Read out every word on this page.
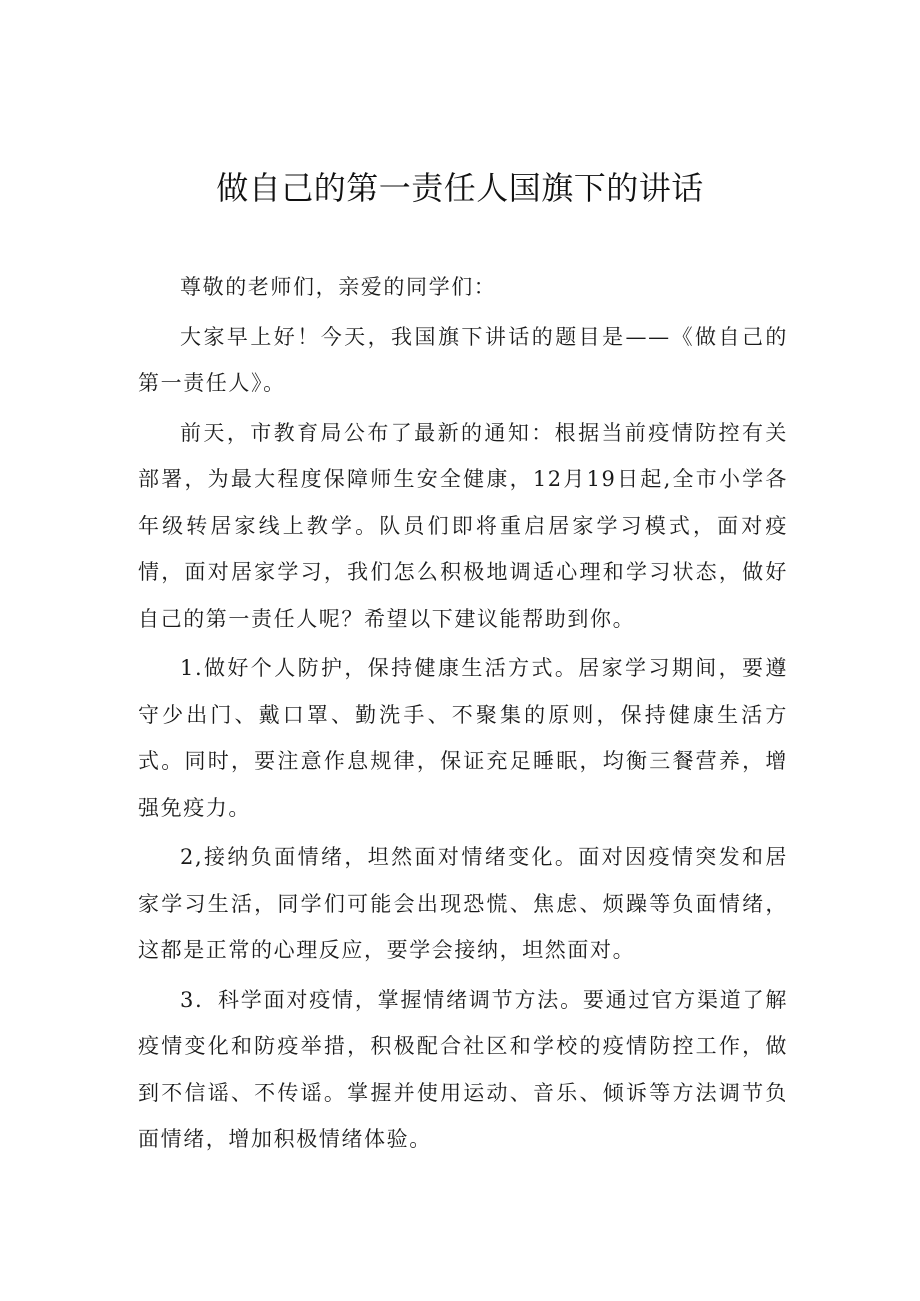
做自己的第一责任人国旗下的讲话

尊敬的老师们，亲爱的同学们：

大家早上好！今天，我国旗下讲话的题目是——《做自己的第一责任人》。

前天，市教育局公布了最新的通知：根据当前疫情防控有关部署，为最大程度保障师生安全健康，12月19日起,全市小学各年级转居家线上教学。队员们即将重启居家学习模式，面对疫情，面对居家学习，我们怎么积极地调适心理和学习状态，做好自己的第一责任人呢？希望以下建议能帮助到你。

1.做好个人防护，保持健康生活方式。居家学习期间，要遵守少出门、戴口罩、勤洗手、不聚集的原则，保持健康生活方式。同时，要注意作息规律，保证充足睡眠，均衡三餐营养，增强免疫力。

2,接纳负面情绪，坦然面对情绪变化。面对因疫情突发和居家学习生活，同学们可能会出现恐慌、焦虑、烦躁等负面情绪，这都是正常的心理反应，要学会接纳，坦然面对。

3．科学面对疫情，掌握情绪调节方法。要通过官方渠道了解疫情变化和防疫举措，积极配合社区和学校的疫情防控工作，做到不信谣、不传谣。掌握并使用运动、音乐、倾诉等方法调节负面情绪，增加积极情绪体验。
